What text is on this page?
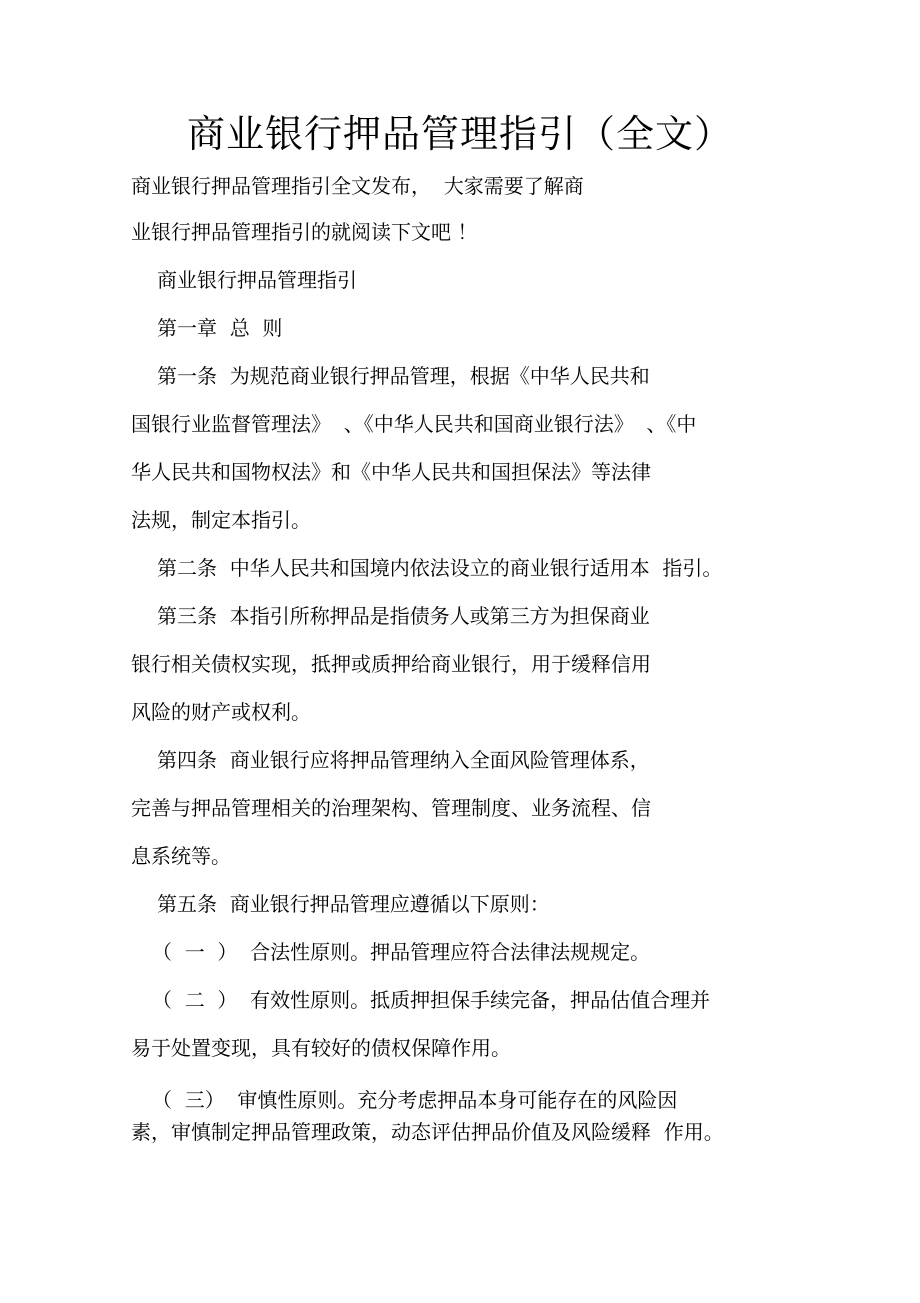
商业银行押品管理指引（全文）
商业银行押品管理指引全文发布，  大家需要了解商
业银行押品管理指引的就阅读下文吧 ！
商业银行押品管理指引
第一章  总  则
第一条  为规范商业银行押品管理，根据《中华人民共和
国银行业监督管理法》  、《中华人民共和国商业银行法》  、《中
华人民共和国物权法》和《中华人民共和国担保法》等法律
法规，制定本指引。
第二条  中华人民共和国境内依法设立的商业银行适用本  指引。
第三条  本指引所称押品是指债务人或第三方为担保商业
银行相关债权实现，抵押或质押给商业银行，用于缓释信用
风险的财产或权利。
第四条  商业银行应将押品管理纳入全面风险管理体系，
完善与押品管理相关的治理架构、管理制度、业务流程、信
息系统等。
第五条  商业银行押品管理应遵循以下原则：
（  一  ）  合法性原则。押品管理应符合法律法规规定。
（  二  ）  有效性原则。抵质押担保手续完备，押品估值合理并
易于处置变现，具有较好的债权保障作用。
（  三）  审慎性原则。充分考虑押品本身可能存在的风险因
素，审慎制定押品管理政策，动态评估押品价值及风险缓释  作用。
